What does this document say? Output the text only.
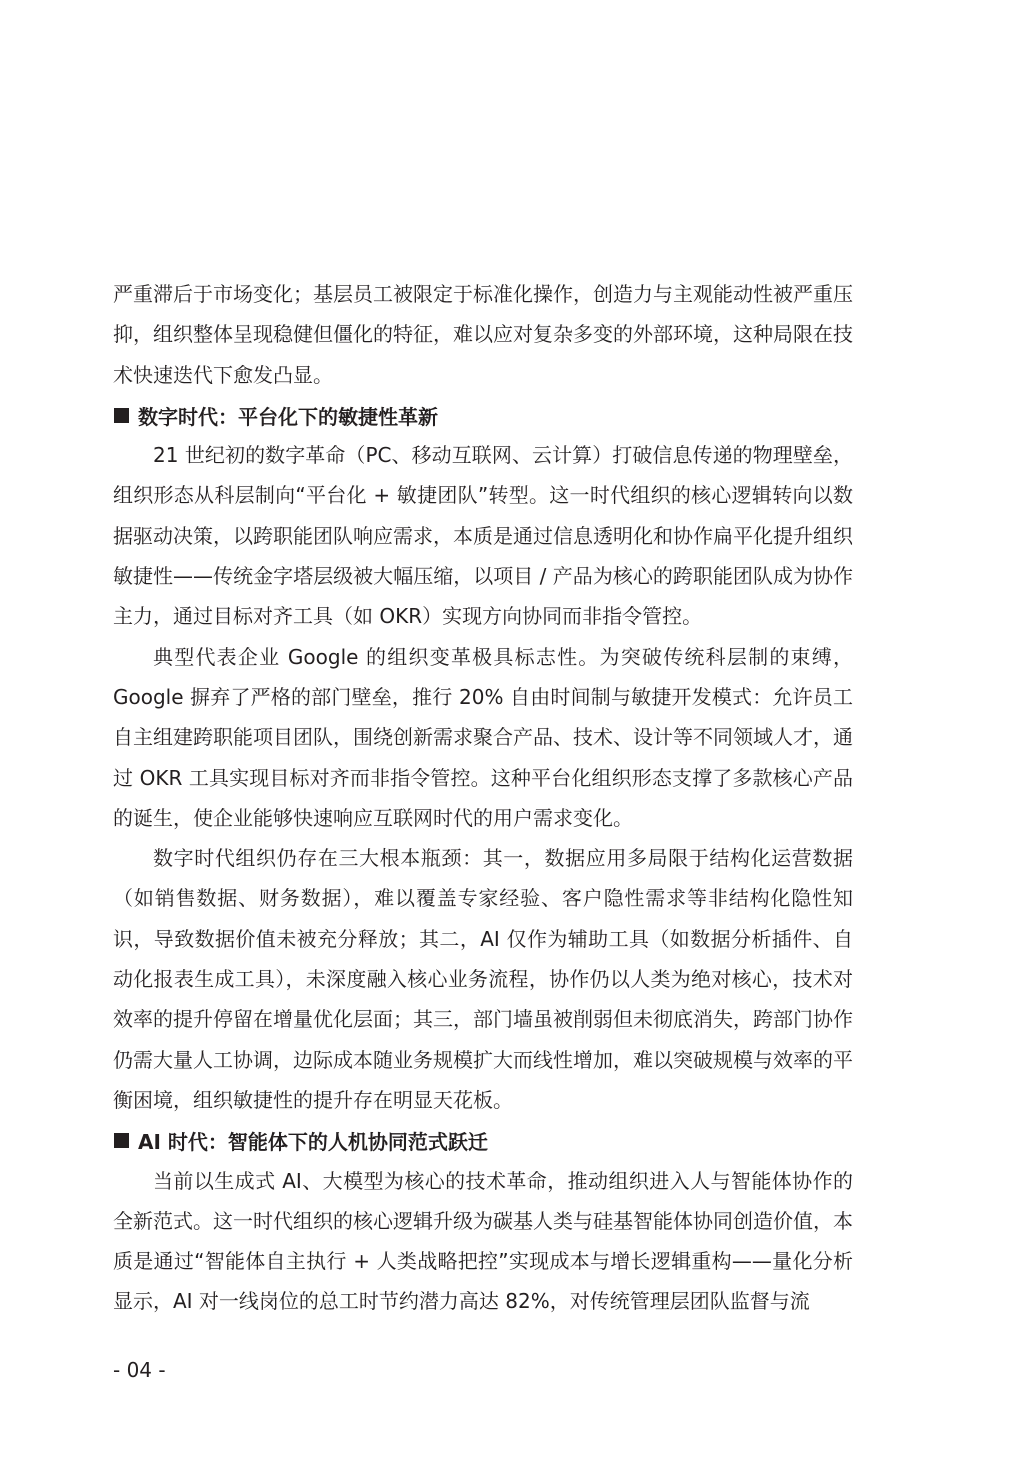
严重滞后于市场变化；基层员工被限定于标准化操作，创造力与主观能动性被严重压抑，组织整体呈现稳健但僵化的特征，难以应对复杂多变的外部环境，这种局限在技术快速迭代下愈发凸显。

数字时代：平台化下的敏捷性革新

21 世纪初的数字革命（PC、移动互联网、云计算）打破信息传递的物理壁垒，组织形态从科层制向“平台化 + 敏捷团队”转型。这一时代组织的核心逻辑转向以数据驱动决策，以跨职能团队响应需求，本质是通过信息透明化和协作扁平化提升组织敏捷性——传统金字塔层级被大幅压缩，以项目 / 产品为核心的跨职能团队成为协作主力，通过目标对齐工具（如 OKR）实现方向协同而非指令管控。

典型代表企业 Google 的组织变革极具标志性。为突破传统科层制的束缚，Google 摒弃了严格的部门壁垒，推行 20% 自由时间制与敏捷开发模式：允许员工自主组建跨职能项目团队，围绕创新需求聚合产品、技术、设计等不同领域人才，通过 OKR 工具实现目标对齐而非指令管控。这种平台化组织形态支撑了多款核心产品的诞生，使企业能够快速响应互联网时代的用户需求变化。

数字时代组织仍存在三大根本瓶颈：其一，数据应用多局限于结构化运营数据（如销售数据、财务数据），难以覆盖专家经验、客户隐性需求等非结构化隐性知识，导致数据价值未被充分释放；其二，AI 仅作为辅助工具（如数据分析插件、自动化报表生成工具），未深度融入核心业务流程，协作仍以人类为绝对核心，技术对效率的提升停留在增量优化层面；其三，部门墙虽被削弱但未彻底消失，跨部门协作仍需大量人工协调，边际成本随业务规模扩大而线性增加，难以突破规模与效率的平衡困境，组织敏捷性的提升存在明显天花板。

AI 时代：智能体下的人机协同范式跃迁

当前以生成式 AI、大模型为核心的技术革命，推动组织进入人与智能体协作的全新范式。这一时代组织的核心逻辑升级为碳基人类与硅基智能体协同创造价值，本质是通过“智能体自主执行 + 人类战略把控”实现成本与增长逻辑重构——量化分析显示，AI 对一线岗位的总工时节约潜力高达 82%，对传统管理层团队监督与流

- 04 -
